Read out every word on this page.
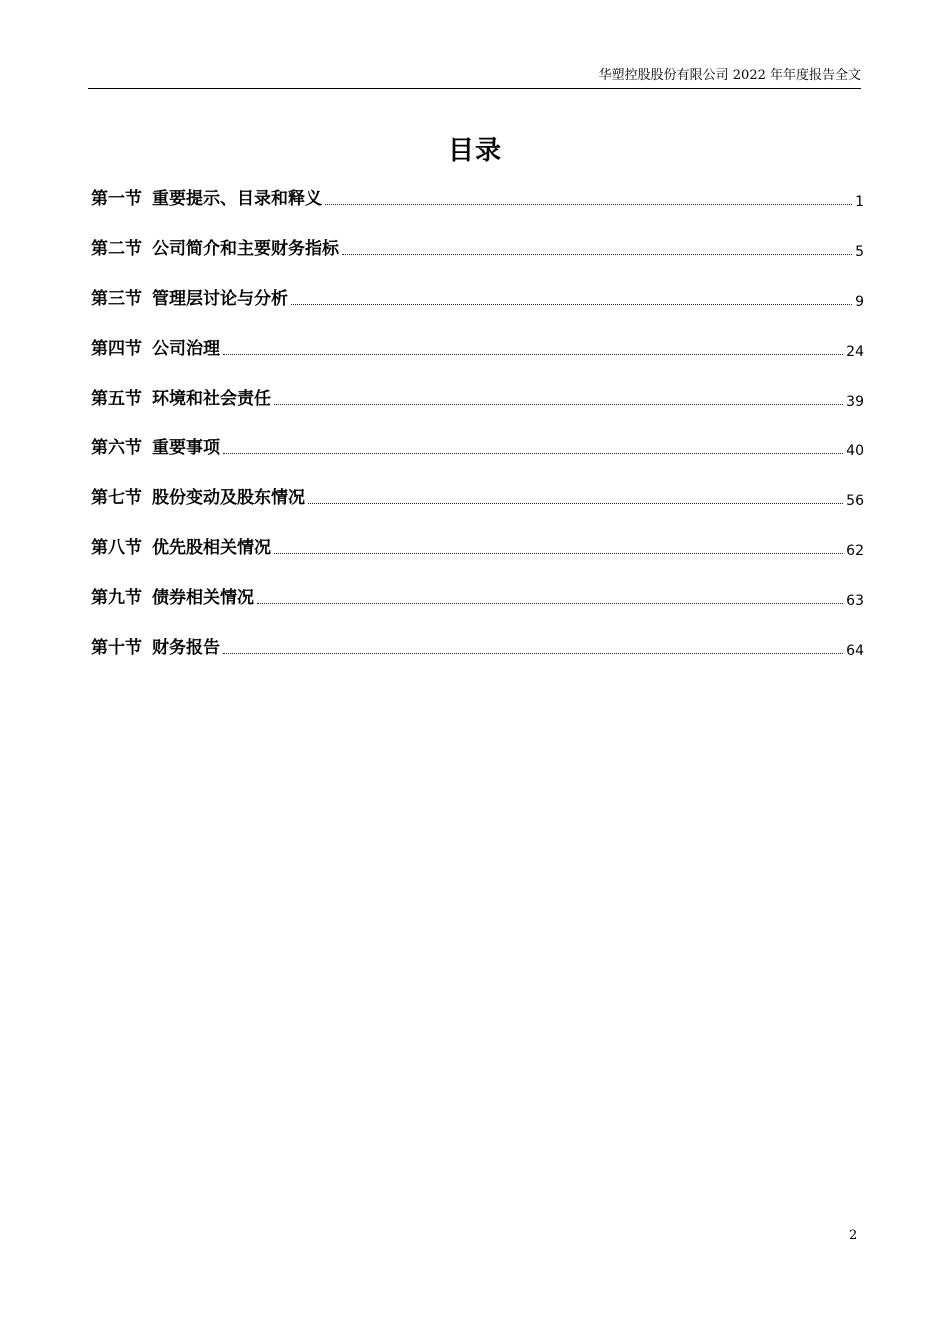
华塑控股股份有限公司 2022 年年度报告全文
目录
第一节 重要提示、目录和释义	1
第二节 公司简介和主要财务指标	5
第三节 管理层讨论与分析	9
第四节 公司治理	24
第五节 环境和社会责任	39
第六节 重要事项	40
第七节 股份变动及股东情况	56
第八节 优先股相关情况	62
第九节 债券相关情况	63
第十节 财务报告	64
2
